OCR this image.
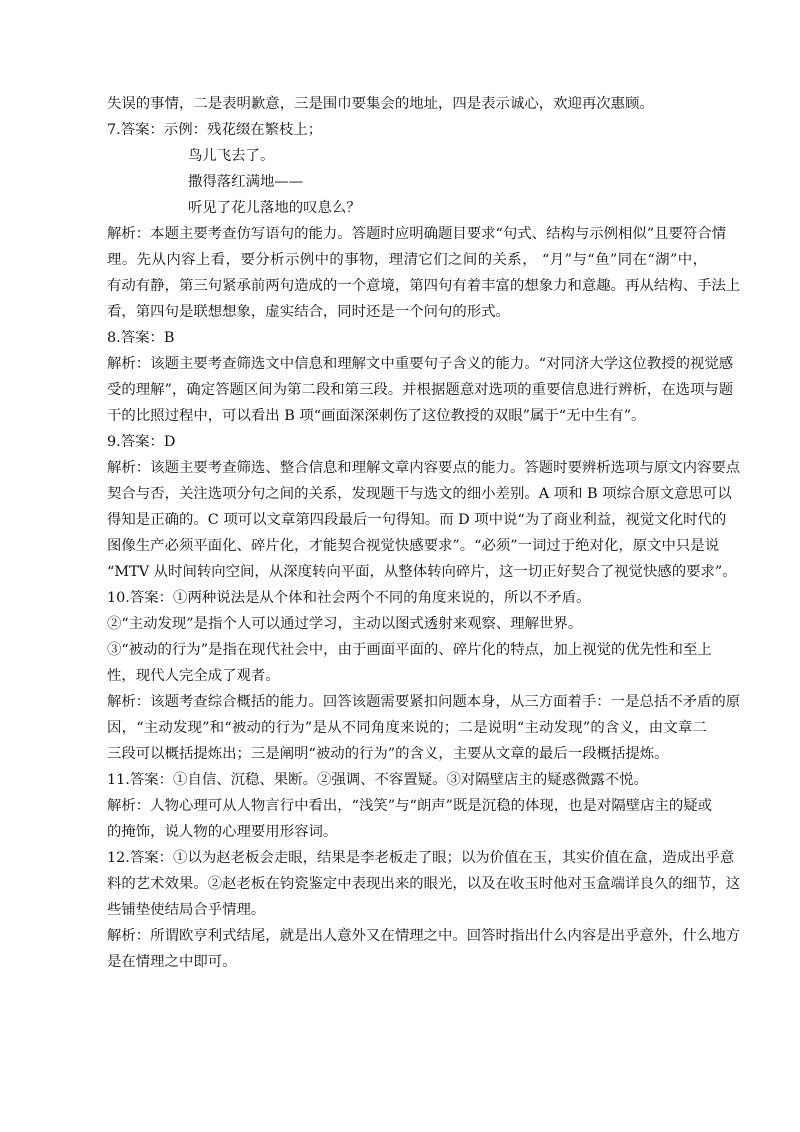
失误的事情，二是表明歉意，三是围巾要集会的地址，四是表示诚心，欢迎再次惠顾。
7.答案：示例：残花缀在繁枝上；
鸟儿飞去了。
撒得落红满地——
听见了花儿落地的叹息么？
解析：本题主要考查仿写语句的能力。答题时应明确题目要求“句式、结构与示例相似”且要符合情
理。先从内容上看，要分析示例中的事物，理清它们之间的关系， “月”与“鱼”同在“湖”中，
有动有静，第三句紧承前两句造成的一个意境，第四句有着丰富的想象力和意趣。再从结构、手法上
看，第四句是联想想象，虚实结合，同时还是一个问句的形式。
8.答案：B
解析：该题主要考查筛选文中信息和理解文中重要句子含义的能力。“对同济大学这位教授的视觉感
受的理解”，确定答题区间为第二段和第三段。并根据题意对选项的重要信息进行辨析，在选项与题
干的比照过程中，可以看出 B 项“画面深深刺伤了这位教授的双眼”属于“无中生有”。
9.答案：D
解析：该题主要考查筛选、整合信息和理解文章内容要点的能力。答题时要辨析选项与原文内容要点
契合与否，关注选项分句之间的关系，发现题干与选文的细小差别。A 项和 B 项综合原文意思可以
得知是正确的。C 项可以文章第四段最后一句得知。而 D 项中说“为了商业利益，视觉文化时代的
图像生产必须平面化、碎片化，才能契合视觉快感要求”。“必须”一词过于绝对化，原文中只是说
“MTV 从时间转向空间，从深度转向平面，从整体转向碎片，这一切正好契合了视觉快感的要求”。
10.答案：①两种说法是从个体和社会两个不同的角度来说的，所以不矛盾。
②“主动发现”是指个人可以通过学习，主动以图式透射来观察、理解世界。
③“被动的行为”是指在现代社会中，由于画面平面的、碎片化的特点，加上视觉的优先性和至上
性，现代人完全成了观者。
解析：该题考查综合概括的能力。回答该题需要紧扣问题本身，从三方面着手：一是总括不矛盾的原
因，“主动发现”和“被动的行为”是从不同角度来说的；二是说明“主动发现”的含义，由文章二
三段可以概括提炼出；三是阐明“被动的行为”的含义，主要从文章的最后一段概括提炼。
11.答案：①自信、沉稳、果断。②强调、不容置疑。③对隔壁店主的疑惑微露不悦。
解析：人物心理可从人物言行中看出，“浅笑”与“朗声”既是沉稳的体现，也是对隔壁店主的疑或
的掩饰，说人物的心理要用形容词。
12.答案：①以为赵老板会走眼，结果是李老板走了眼；以为价值在玉，其实价值在盒，造成出乎意
料的艺术效果。②赵老板在钧瓷鉴定中表现出来的眼光，以及在收玉时他对玉盒端详良久的细节，这
些铺垫使结局合乎情理。
解析：所谓欧亨利式结尾，就是出人意外又在情理之中。回答时指出什么内容是出乎意外，什么地方
是在情理之中即可。
